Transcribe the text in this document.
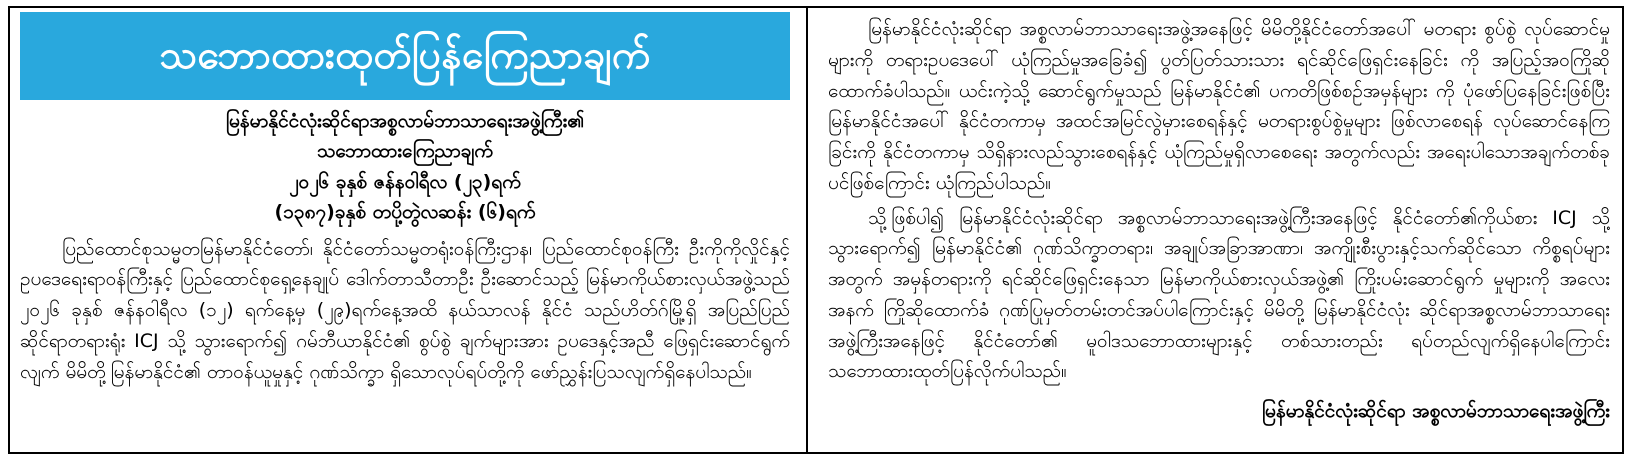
သဘောထားထုတ်ပြန်ကြေညာချက်
မြန်မာနိုင်ငံလုံးဆိုင်ရာအစ္စလာမ်ဘာသာရေးအဖွဲ့ကြီး၏
သဘောထားကြေညာချက်
၂၀၂၆ ခုနှစ် ဇန်နဝါရီလ (၂၃)ရက်
(၁၃၈၇)ခုနှစ် တပို့တွဲလဆန်း (၆)ရက်
ပြည်ထောင်စုသမ္မတမြန်မာနိုင်ငံတော်၊ နိုင်ငံတော်သမ္မတရုံးဝန်ကြီးဌာန၊ ပြည်ထောင်စုဝန်ကြီး ဦးကိုကိုလှိုင်နှင့် ဥပဒေရေးရာဝန်ကြီးနှင့် ပြည်ထောင်စုရှေ့နေချုပ် ဒေါက်တာသီတာဦး ဦးဆောင်သည့် မြန်မာကိုယ်စားလှယ်အဖွဲ့သည် ၂၀၂၆ ခုနှစ် ဇန်နဝါရီလ (၁၂) ရက်နေ့မှ (၂၉)ရက်နေ့အထိ နယ်သာလန် နိုင်ငံ သည်ဟိတ်ဂ်မြို့ရှိ အပြည်ပြည်ဆိုင်ရာတရားရုံး ICJ သို့ သွားရောက်၍ ဂမ်ဘီယာနိုင်ငံ၏ စွပ်စွဲ ချက်များအား ဥပဒေနှင့်အညီ ဖြေရှင်းဆောင်ရွက်လျက် မိမိတို့မြန်မာနိုင်ငံ၏ တာဝန်ယူမှုနှင့် ဂုဏ်သိက္ခာ ရှိသောလုပ်ရပ်တို့ကို ဖော်ညွှန်းပြသလျက်ရှိနေပါသည်။
မြန်မာနိုင်ငံလုံးဆိုင်ရာ အစ္စလာမ်ဘာသာရေးအဖွဲ့အနေဖြင့် မိမိတို့နိုင်ငံတော်အပေါ် မတရား စွပ်စွဲ လုပ်ဆောင်မှုများကို တရားဥပဒေပေါ် ယုံကြည်မှုအခြေခံ၍ ပွတ်ပြတ်သားသား ရင်ဆိုင်ဖြေရှင်းနေခြင်း ကို အပြည့်အဝကြိုဆိုထောက်ခံပါသည်။ ယင်းကဲ့သို့ ဆောင်ရွက်မှုသည် မြန်မာနိုင်ငံ၏ ပကတိဖြစ်စဉ်အမှန်များ ကို ပုံဖော်ပြနေခြင်းဖြစ်ပြီး မြန်မာနိုင်ငံအပေါ် နိုင်ငံတကာမှ အထင်အမြင်လွဲမှားစေရန်နှင့် မတရားစွပ်စွဲမှုများ ဖြစ်လာစေရန် လုပ်ဆောင်နေကြခြင်းကို နိုင်ငံတကာမှ သိရှိနားလည်သွားစေရန်နှင့် ယုံကြည်မှုရှိလာစေရေး အတွက်လည်း အရေးပါသောအချက်တစ်ခုပင်ဖြစ်ကြောင်း ယုံကြည်ပါသည်။
သို့ဖြစ်ပါ၍ မြန်မာနိုင်ငံလုံးဆိုင်ရာ အစ္စလာမ်ဘာသာရေးအဖွဲ့ကြီးအနေဖြင့် နိုင်ငံတော်၏ကိုယ်စား ICJ သို့ သွားရောက်၍ မြန်မာနိုင်ငံ၏ ဂုဏ်သိက္ခာတရား၊ အချုပ်အခြာအာဏာ၊ အကျိုးစီးပွားနှင့်သက်ဆိုင်သော ကိစ္စရပ်များအတွက် အမှန်တရားကို ရင်ဆိုင်ဖြေရှင်းနေသာ မြန်မာကိုယ်စားလှယ်အဖွဲ့၏ ကြိုးပမ်းဆောင်ရွက် မှုများကို အလေးအနက် ကြိုဆိုထောက်ခံ ဂုဏ်ပြုမှတ်တမ်းတင်အပ်ပါကြောင်းနှင့် မိမိတို့ မြန်မာနိုင်ငံလုံး ဆိုင်ရာအစ္စလာမ်ဘာသာရေးအဖွဲ့ကြီးအနေဖြင့် နိုင်ငံတော်၏ မူဝါဒသဘောထားများနှင့် တစ်သားတည်း ရပ်တည်လျက်ရှိနေပါကြောင်း သဘောထားထုတ်ပြန်လိုက်ပါသည်။
မြန်မာနိုင်ငံလုံးဆိုင်ရာ အစ္စလာမ်ဘာသာရေးအဖွဲ့ကြီး
